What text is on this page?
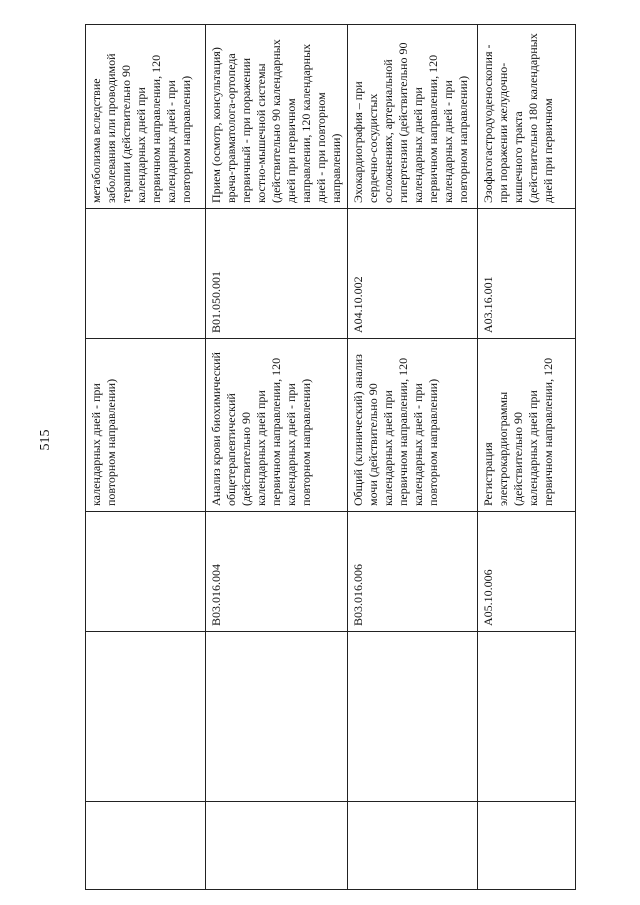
515
				календарных дней - при повторном направлении)		метаболизма вследствие заболевания или проводимой терапии (действительно 90 календарных дней при первичном направлении, 120 календарных дней - при повторном направлении)
		B03.016.004	Анализ крови биохимический общетерапевтический (действительно 90 календарных дней при первичном направлении, 120 календарных дней - при повторном направлении)	B01.050.001	Прием (осмотр, консультация) врача-травматолога-ортопеда первичный - при поражении костно-мышечной системы (действительно 90 календарных дней при первичном направлении, 120 календарных дней - при повторном направлении)
		B03.016.006	Общий (клинический) анализ мочи (действительно 90 календарных дней при первичном направлении, 120 календарных дней - при повторном направлении)	A04.10.002	Эхокардиография – при сердечно-сосудистых осложнениях, артериальной гипертензии (действительно 90 календарных дней при первичном направлении, 120 календарных дней - при повторном направлении)
		A05.10.006	Регистрация электрокардиограммы (действительно 90 календарных дней при первичном направлении, 120	A03.16.001	Эзофагогастродуоденоскопия - при поражении желудочно-кишечного тракта (действительно 180 календарных дней при первичном
